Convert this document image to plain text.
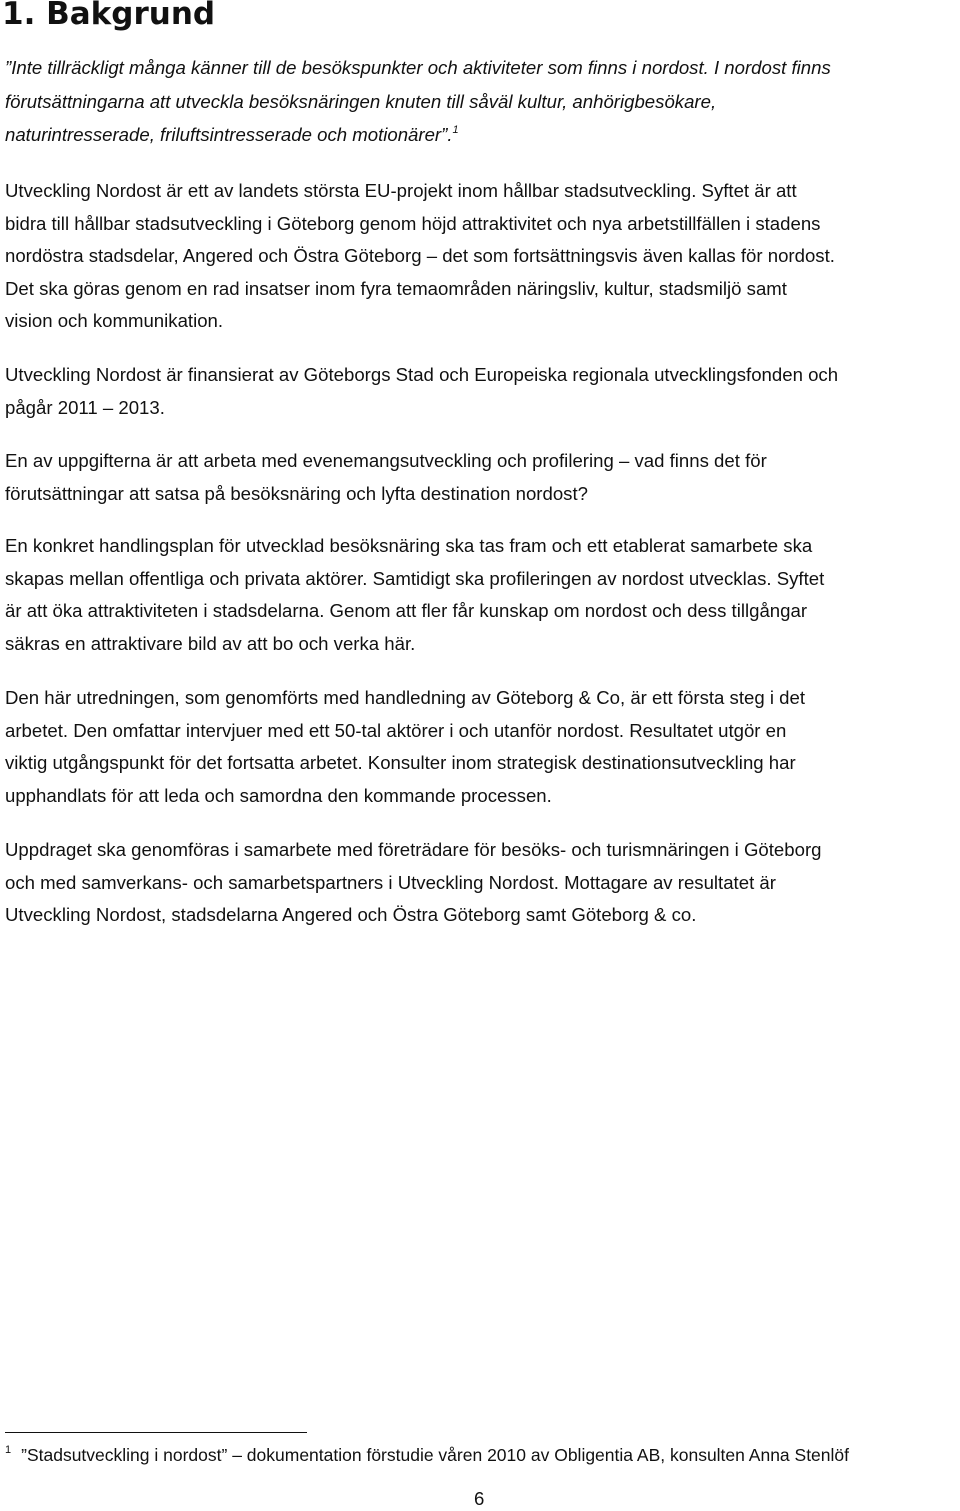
1. Bakgrund

”Inte tillräckligt många känner till de besökspunkter och aktiviteter som finns i nordost. I nordost finns
förutsättningarna att utveckla besöksnäringen knuten till såväl kultur, anhörigbesökare,
naturintresserade, friluftsintresserade och motionärer”.$^1$

Utveckling Nordost är ett av landets största EU-projekt inom hållbar stadsutveckling. Syftet är att
bidra till hållbar stadsutveckling i Göteborg genom höjd attraktivitet och nya arbetstillfällen i stadens
nordöstra stadsdelar, Angered och Östra Göteborg – det som fortsättningsvis även kallas för nordost.
Det ska göras genom en rad insatser inom fyra temaområden näringsliv, kultur, stadsmiljö samt
vision och kommunikation.

Utveckling Nordost är finansierat av Göteborgs Stad och Europeiska regionala utvecklingsfonden och
pågår 2011 – 2013.

En av uppgifterna är att arbeta med evenemangsutveckling och profilering – vad finns det för
förutsättningar att satsa på besöksnäring och lyfta destination nordost?

En konkret handlingsplan för utvecklad besöksnäring ska tas fram och ett etablerat samarbete ska
skapas mellan offentliga och privata aktörer. Samtidigt ska profileringen av nordost utvecklas. Syftet
är att öka attraktiviteten i stadsdelarna. Genom att fler får kunskap om nordost och dess tillgångar
säkras en attraktivare bild av att bo och verka här.

Den här utredningen, som genomförts med handledning av Göteborg & Co, är ett första steg i det
arbetet. Den omfattar intervjuer med ett 50-tal aktörer i och utanför nordost. Resultatet utgör en
viktig utgångspunkt för det fortsatta arbetet. Konsulter inom strategisk destinationsutveckling har
upphandlats för att leda och samordna den kommande processen.

Uppdraget ska genomföras i samarbete med företrädare för besöks- och turismnäringen i Göteborg
och med samverkans- och samarbetspartners i Utveckling Nordost. Mottagare av resultatet är
Utveckling Nordost, stadsdelarna Angered och Östra Göteborg samt Göteborg & co.

$^1$ ”Stadsutveckling i nordost” – dokumentation förstudie våren 2010 av Obligentia AB, konsulten Anna Stenlöf

6
